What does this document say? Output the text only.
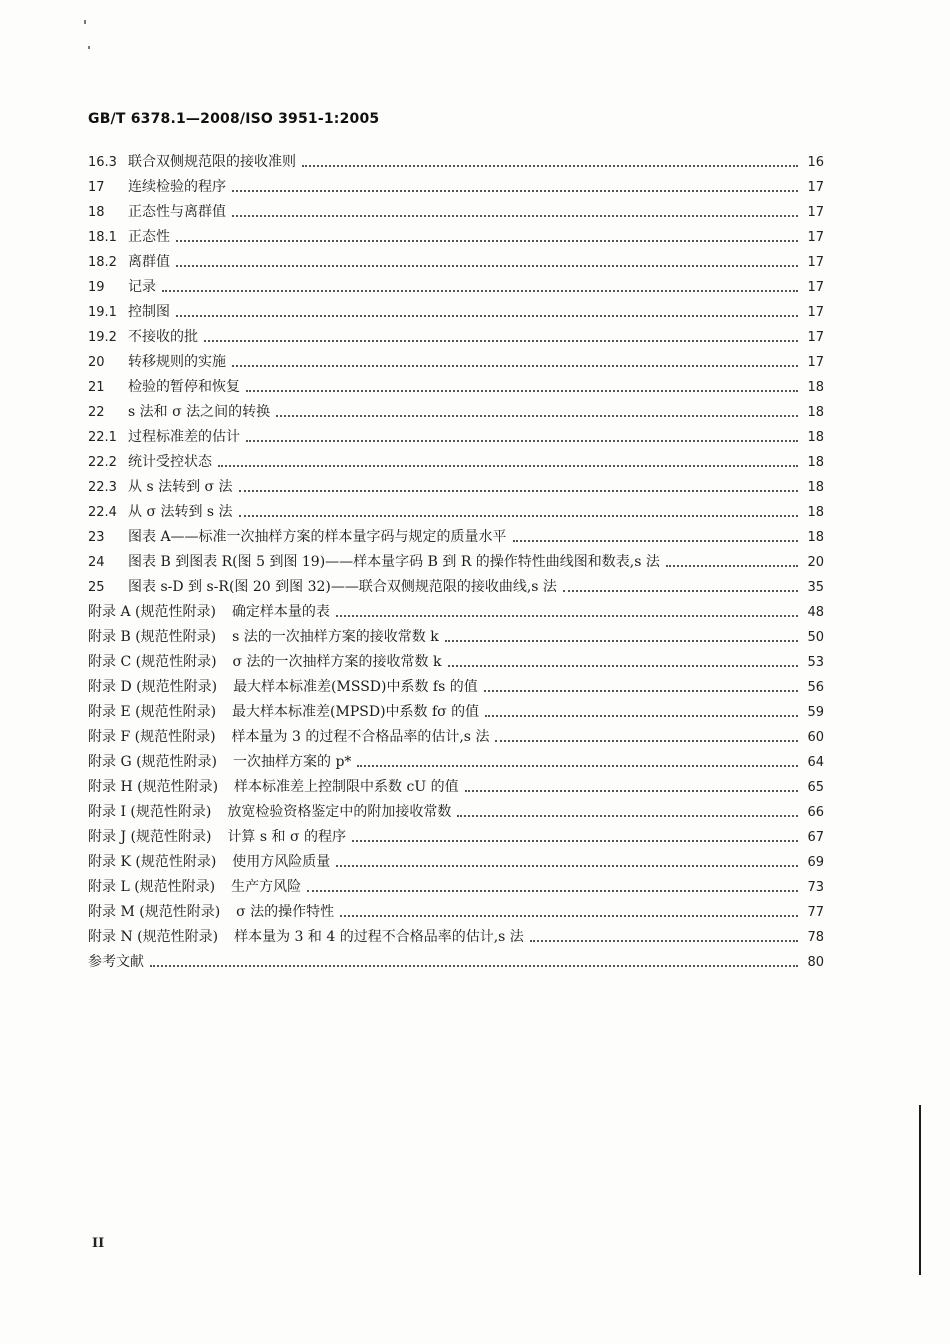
GB/T 6378.1—2008/ISO 3951-1:2005
16.3 联合双侧规范限的接收准则	16
17	连续检验的程序	17
18	正态性与离群值	17
18.1 正态性	17
18.2 离群值	17
19	记录	17
19.1 控制图	17
19.2 不接收的批	17
20	转移规则的实施	17
21	检验的暂停和恢复	18
22	s 法和 σ 法之间的转换	18
22.1 过程标准差的估计	18
22.2 统计受控状态	18
22.3 从 s 法转到 σ 法	18
22.4 从 σ 法转到 s 法	18
23	图表 A——标准一次抽样方案的样本量字码与规定的质量水平	18
24	图表 B 到图表 R(图 5 到图 19)——样本量字码 B 到 R 的操作特性曲线图和数表,s 法	20
25	图表 s-D 到 s-R(图 20 到图 32)——联合双侧规范限的接收曲线,s 法	35
附录 A (规范性附录)	确定样本量的表	48
附录 B (规范性附录)	s 法的一次抽样方案的接收常数 k	50
附录 C (规范性附录)	σ 法的一次抽样方案的接收常数 k	53
附录 D (规范性附录)	最大样本标准差(MSSD)中系数 fs 的值	56
附录 E (规范性附录)	最大样本标准差(MPSD)中系数 fσ 的值	59
附录 F (规范性附录)	样本量为 3 的过程不合格品率的估计,s 法	60
附录 G (规范性附录)	一次抽样方案的 p*	64
附录 H (规范性附录)	样本标准差上控制限中系数 cU 的值	65
附录 I (规范性附录)	放宽检验资格鉴定中的附加接收常数	66
附录 J (规范性附录)	计算 s 和 σ 的程序	67
附录 K (规范性附录)	使用方风险质量	69
附录 L (规范性附录)	生产方风险	73
附录 M (规范性附录)	σ 法的操作特性	77
附录 N (规范性附录)	样本量为 3 和 4 的过程不合格品率的估计,s 法	78
参考文献	80
II
